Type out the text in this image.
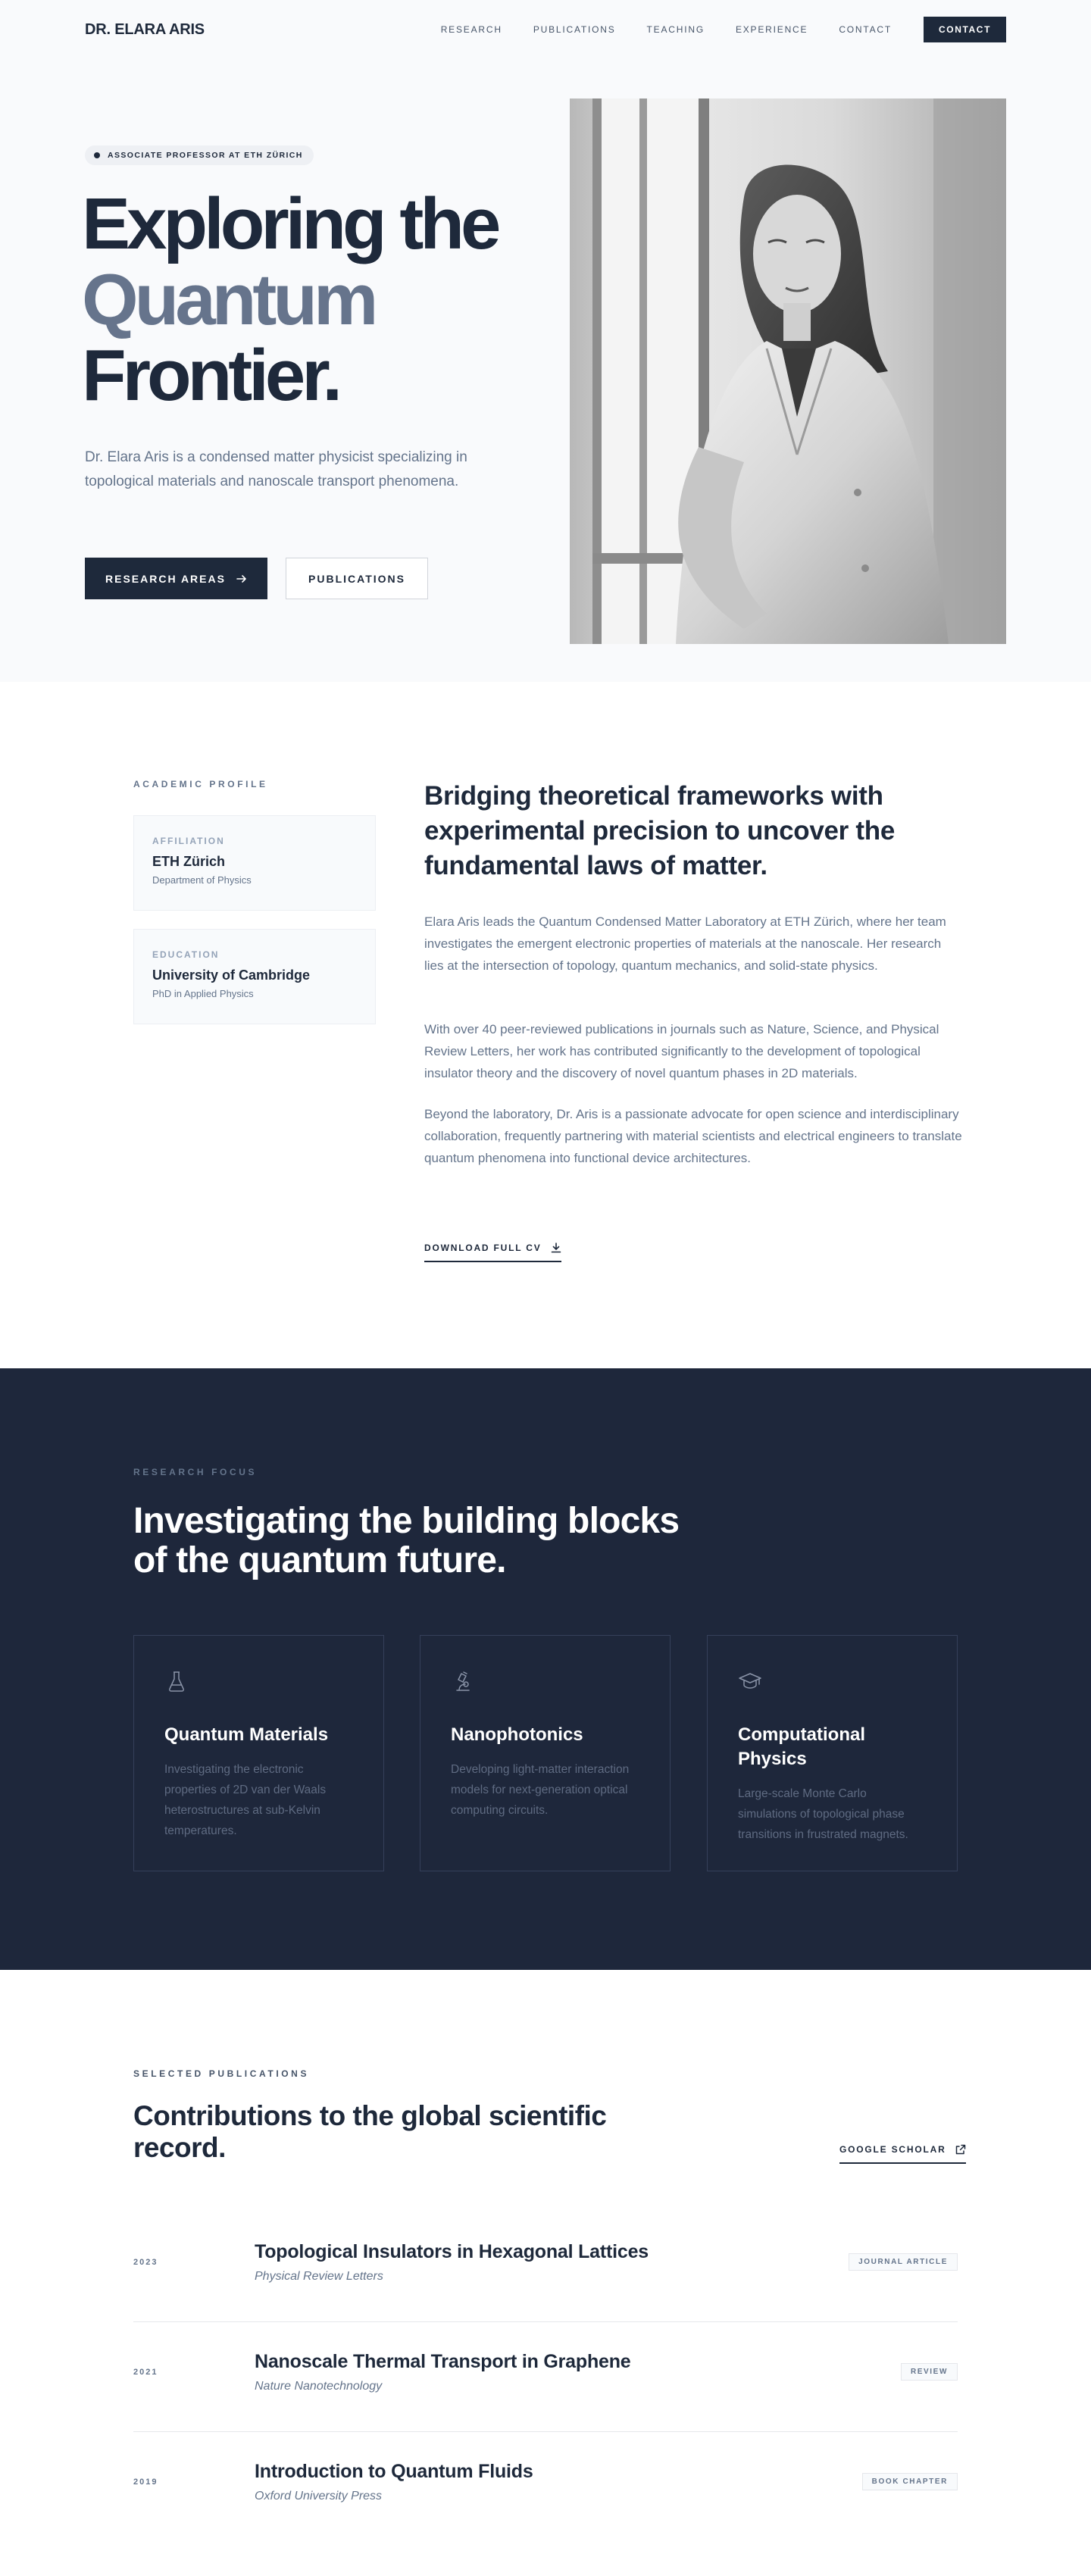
DR. ELARA ARIS	RESEARCH	PUBLICATIONS	TEACHING	EXPERIENCE	CONTACT	CONTACT
ASSOCIATE PROFESSOR AT ETH ZÜRICH
Exploring the
Quantum
Frontier.

Dr. Elara Aris is a condensed matter physicist specializing in topological materials and nanoscale transport phenomena.

RESEARCH AREAS	PUBLICATIONS
ACADEMIC PROFILE
AFFILIATION
ETH Zürich
Department of Physics
EDUCATION
University of Cambridge
PhD in Applied Physics
Bridging theoretical frameworks with experimental precision to uncover the fundamental laws of matter.

Elara Aris leads the Quantum Condensed Matter Laboratory at ETH Zürich, where her team investigates the emergent electronic properties of materials at the nanoscale. Her research lies at the intersection of topology, quantum mechanics, and solid-state physics.

With over 40 peer-reviewed publications in journals such as Nature, Science, and Physical Review Letters, her work has contributed significantly to the development of topological insulator theory and the discovery of novel quantum phases in 2D materials.

Beyond the laboratory, Dr. Aris is a passionate advocate for open science and interdisciplinary collaboration, frequently partnering with material scientists and electrical engineers to translate quantum phenomena into functional device architectures.

DOWNLOAD FULL CV
RESEARCH FOCUS
Investigating the building blocks of the quantum future.
Quantum Materials
Investigating the electronic properties of 2D van der Waals heterostructures at sub-Kelvin temperatures.
Nanophotonics
Developing light-matter interaction models for next-generation optical computing circuits.
Computational Physics
Large-scale Monte Carlo simulations of topological phase transitions in frustrated magnets.
SELECTED PUBLICATIONS
Contributions to the global scientific record.	GOOGLE SCHOLAR
2023	Topological Insulators in Hexagonal Lattices
Physical Review Letters
JOURNAL ARTICLE
2021	Nanoscale Thermal Transport in Graphene
Nature Nanotechnology
REVIEW
2019	Introduction to Quantum Fluids
Oxford University Press
BOOK CHAPTER
